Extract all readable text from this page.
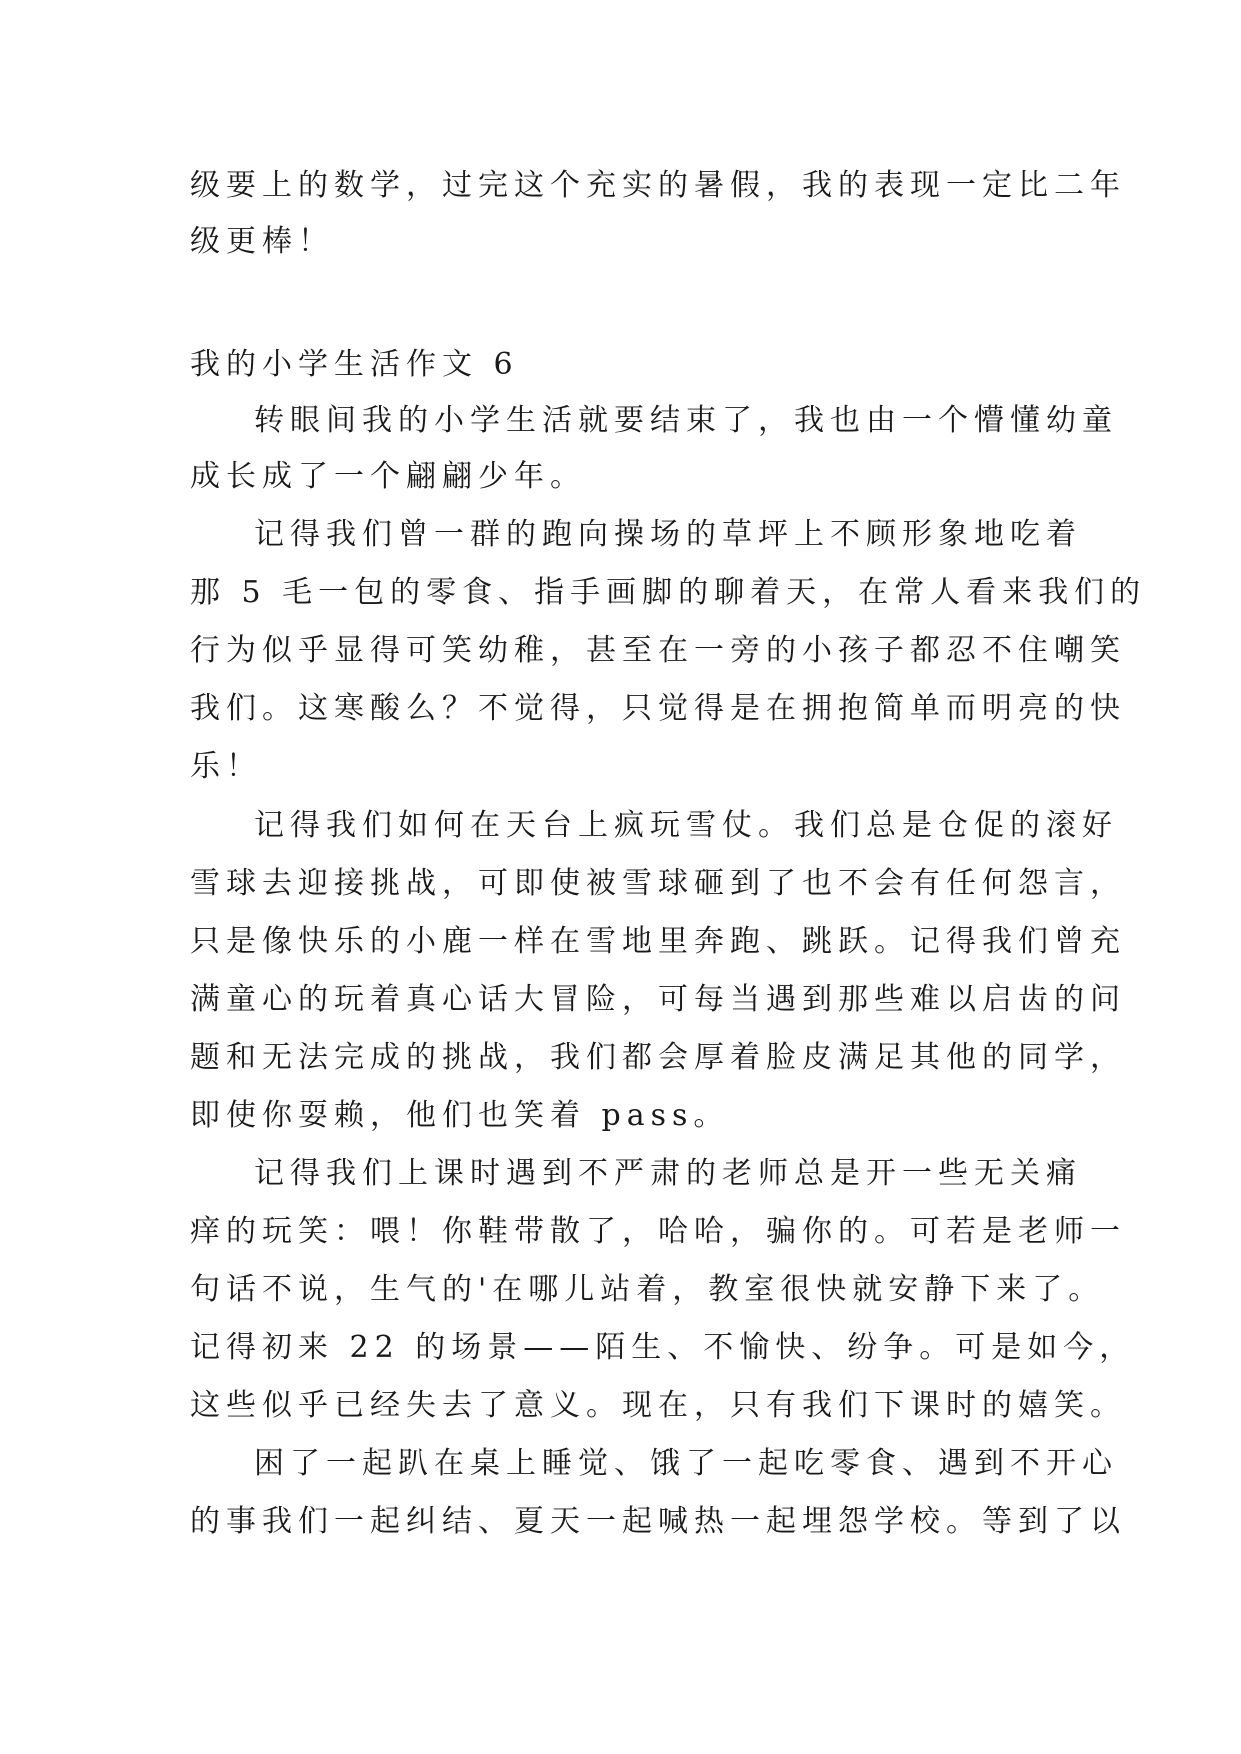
级要上的数学，过完这个充实的暑假，我的表现一定比二年
级更棒！
我的小学生活作文 6
转眼间我的小学生活就要结束了，我也由一个懵懂幼童
成长成了一个翩翩少年。
记得我们曾一群的跑向操场的草坪上不顾形象地吃着
那 5 毛一包的零食、指手画脚的聊着天，在常人看来我们的
行为似乎显得可笑幼稚，甚至在一旁的小孩子都忍不住嘲笑
我们。这寒酸么？不觉得，只觉得是在拥抱简单而明亮的快
乐！
记得我们如何在天台上疯玩雪仗。我们总是仓促的滚好
雪球去迎接挑战，可即使被雪球砸到了也不会有任何怨言，
只是像快乐的小鹿一样在雪地里奔跑、跳跃。记得我们曾充
满童心的玩着真心话大冒险，可每当遇到那些难以启齿的问
题和无法完成的挑战，我们都会厚着脸皮满足其他的同学，
即使你耍赖，他们也笑着 pass。
记得我们上课时遇到不严肃的老师总是开一些无关痛
痒的玩笑：喂！你鞋带散了，哈哈，骗你的。可若是老师一
句话不说，生气的'在哪儿站着，教室很快就安静下来了。
记得初来 22 的场景——陌生、不愉快、纷争。可是如今，
这些似乎已经失去了意义。现在，只有我们下课时的嬉笑。
困了一起趴在桌上睡觉、饿了一起吃零食、遇到不开心
的事我们一起纠结、夏天一起喊热一起埋怨学校。等到了以
